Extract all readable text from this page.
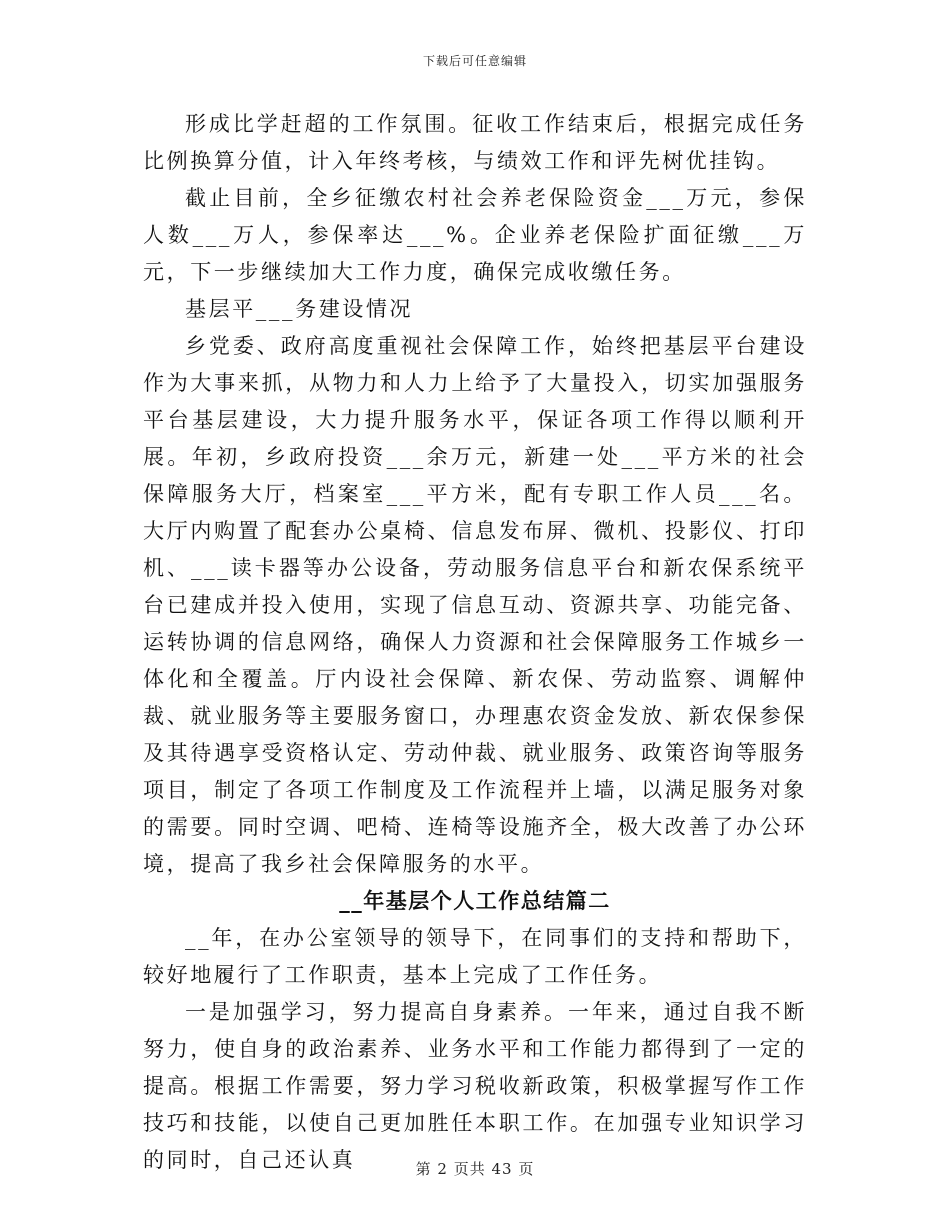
下载后可任意编辑

形成比学赶超的工作氛围。征收工作结束后，根据完成任务比例换算分值，计入年终考核，与绩效工作和评先树优挂钩。

截止目前，全乡征缴农村社会养老保险资金___万元，参保人数___万人，参保率达___%。企业养老保险扩面征缴___万元，下一步继续加大工作力度，确保完成收缴任务。

基层平___务建设情况

乡党委、政府高度重视社会保障工作，始终把基层平台建设作为大事来抓，从物力和人力上给予了大量投入，切实加强服务平台基层建设，大力提升服务水平，保证各项工作得以顺利开展。年初，乡政府投资___余万元，新建一处___平方米的社会保障服务大厅，档案室___平方米，配有专职工作人员___名。大厅内购置了配套办公桌椅、信息发布屏、微机、投影仪、打印机、___读卡器等办公设备，劳动服务信息平台和新农保系统平台已建成并投入使用，实现了信息互动、资源共享、功能完备、运转协调的信息网络，确保人力资源和社会保障服务工作城乡一体化和全覆盖。厅内设社会保障、新农保、劳动监察、调解仲裁、就业服务等主要服务窗口，办理惠农资金发放、新农保参保及其待遇享受资格认定、劳动仲裁、就业服务、政策咨询等服务项目，制定了各项工作制度及工作流程并上墙，以满足服务对象的需要。同时空调、吧椅、连椅等设施齐全，极大改善了办公环境，提高了我乡社会保障服务的水平。

__年基层个人工作总结篇二

__年，在办公室领导的领导下，在同事们的支持和帮助下，较好地履行了工作职责，基本上完成了工作任务。

一是加强学习，努力提高自身素养。一年来，通过自我不断努力，使自身的政治素养、业务水平和工作能力都得到了一定的提高。根据工作需要，努力学习税收新政策，积极掌握写作工作技巧和技能，以使自己更加胜任本职工作。在加强专业知识学习的同时，自己还认真	第 2 页共 43 页
